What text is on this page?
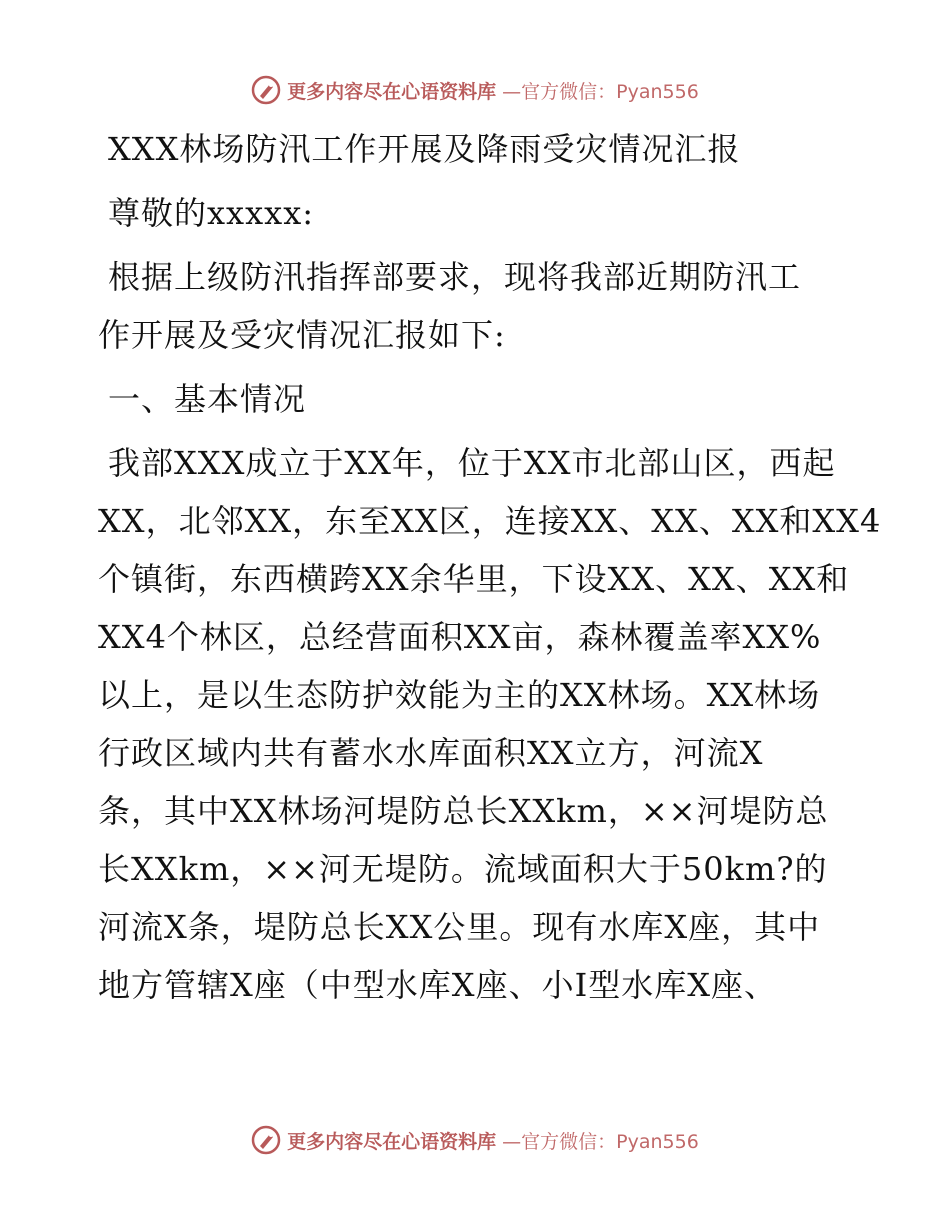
更多内容尽在心语资料库 —官方微信：Pyan556
XXX林场防汛工作开展及降雨受灾情况汇报
尊敬的xxxxx:
根据上级防汛指挥部要求，现将我部近期防汛工
作开展及受灾情况汇报如下:
一、基本情况
我部XXX成立于XX年，位于XX市北部山区，西起
XX，北邻XX，东至XX区，连接XX、XX、XX和XX4
个镇街，东西横跨XX余华里，下设XX、XX、XX和
XX4个林区，总经营面积XX亩，森林覆盖率XX%
以上，是以生态防护效能为主的XX林场。XX林场
行政区域内共有蓄水水库面积XX立方，河流X
条，其中XX林场河堤防总长XXkm，××河堤防总
长XXkm，××河无堤防。流域面积大于50km?的
河流X条，堤防总长XX公里。现有水库X座，其中
地方管辖X座（中型水库X座、小Ⅰ型水库X座、
更多内容尽在心语资料库 —官方微信：Pyan556
